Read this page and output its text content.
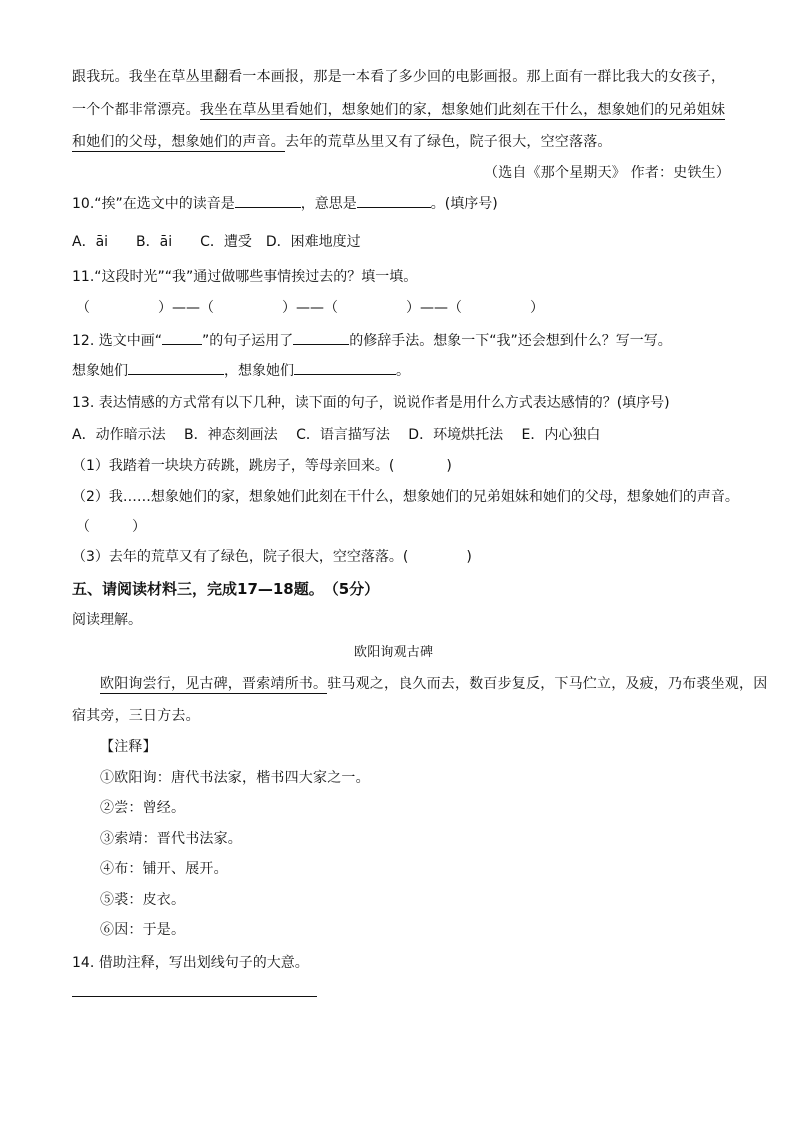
跟我玩。我坐在草丛里翻看一本画报，那是一本看了多少回的电影画报。那上面有一群比我大的女孩子，
一个个都非常漂亮。我坐在草丛里看她们，想象她们的家，想象她们此刻在干什么，想象她们的兄弟姐妹
和她们的父母，想象她们的声音。去年的荒草丛里又有了绿色，院子很大，空空落落。
（选自《那个星期天》 作者：史铁生）
10.“挨”在选文中的读音是	，意思是	。(填序号)
A．āi　　B．āi　　C．遭受　D．困难地度过
11.“这段时光”“我”通过做哪些事情挨过去的？填一填。
（	）——（	）——（	）——（	）
12. 选文中画“	”的句子运用了	的修辞手法。想象一下“我”还会想到什么？写一写。
想象她们	，想象她们	。
13. 表达情感的方式常有以下几种，读下面的句子，说说作者是用什么方式表达感情的？(填序号)
A．动作暗示法　 B．神态刻画法　 C．语言描写法　 D．环境烘托法　 E．内心独白
（1）我踏着一块块方砖跳，跳房子，等母亲回来。(	)
（2）我……想象她们的家，想象她们此刻在干什么，想象她们的兄弟姐妹和她们的父母，想象她们的声音。
（	）
（3）去年的荒草又有了绿色，院子很大，空空落落。(	)
五、请阅读材料三，完成17—18题。　（5分）
阅读理解。
欧阳询观古碑
欧阳询尝行，见古碑，晋索靖所书。驻马观之，良久而去，数百步复反，下马伫立，及疲，乃布裘坐观，因
宿其旁，三日方去。
【注释】
①欧阳询：唐代书法家，楷书四大家之一。
②尝：曾经。
③索靖：晋代书法家。
④布：铺开、展开。
⑤裘：皮衣。
⑥因：于是。
14. 借助注释，写出划线句子的大意。
